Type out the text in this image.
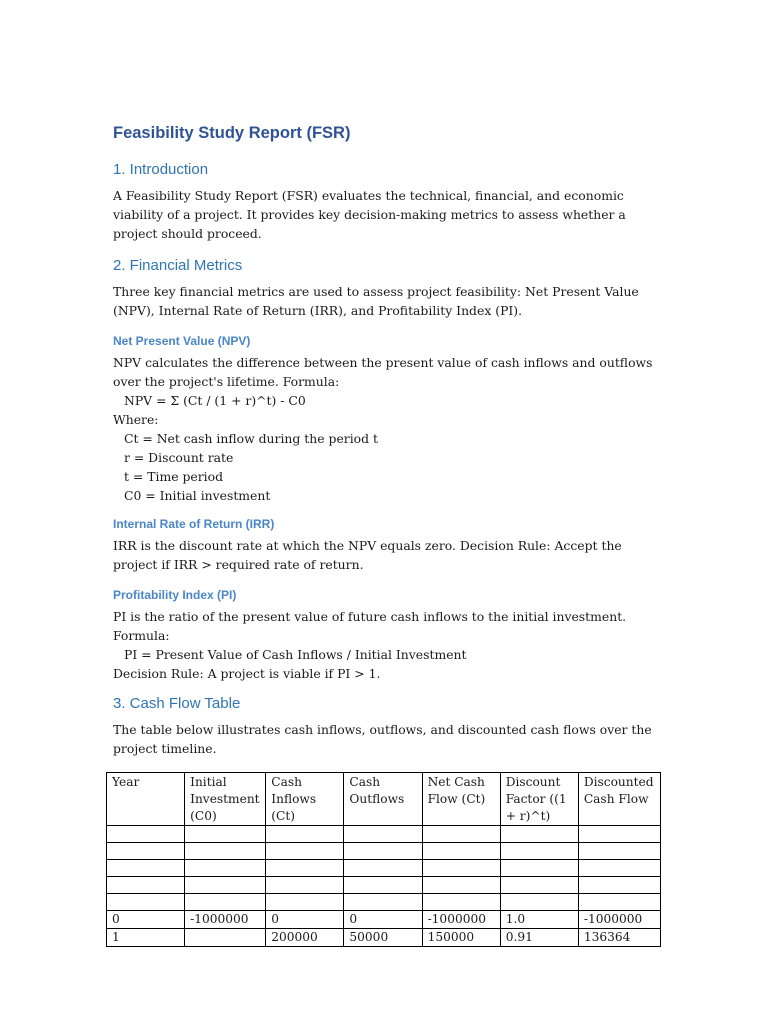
Feasibility Study Report (FSR)
1. Introduction

A Feasibility Study Report (FSR) evaluates the technical, financial, and economic viability of a project. It provides key decision-making metrics to assess whether a project should proceed.

2. Financial Metrics

Three key financial metrics are used to assess project feasibility: Net Present Value (NPV), Internal Rate of Return (IRR), and Profitability Index (PI).

Net Present Value (NPV)

NPV calculates the difference between the present value of cash inflows and outflows over the project's lifetime. Formula:

NPV = Σ (Ct / (1 + r)^t) - C0

Where:

Ct = Net cash inflow during the period t

r = Discount rate

t = Time period

C0 = Initial investment

Internal Rate of Return (IRR)

IRR is the discount rate at which the NPV equals zero. Decision Rule: Accept the project if IRR > required rate of return.

Profitability Index (PI)

PI is the ratio of the present value of future cash inflows to the initial investment. Formula:

PI = Present Value of Cash Inflows / Initial Investment

Decision Rule: A project is viable if PI > 1.

3. Cash Flow Table

The table below illustrates cash inflows, outflows, and discounted cash flows over the project timeline.

Year	Initial Investment (C0)	Cash Inflows (Ct)	Cash Outflows	Net Cash Flow (Ct)	Discount Factor ((1 + r)^t)	Discounted Cash Flow

0	-1000000	0	0	-1000000	1.0	-1000000
1		200000	50000	150000	0.91	136364
